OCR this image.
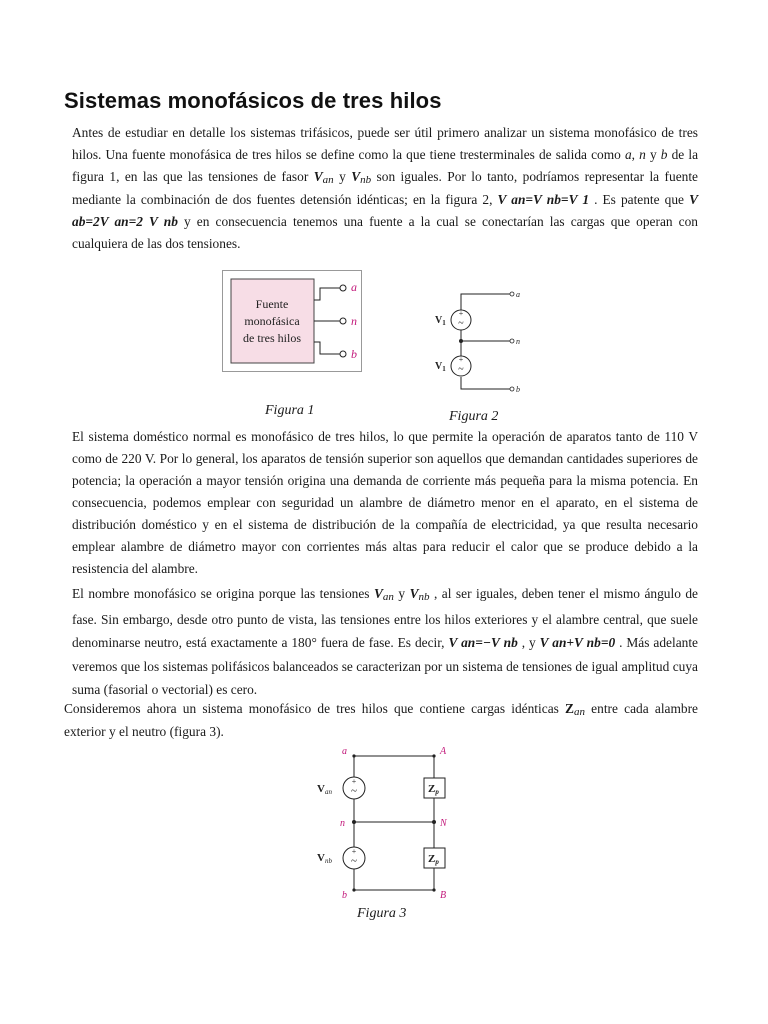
Sistemas monofásicos de tres hilos
Antes de estudiar en detalle los sistemas trifásicos, puede ser útil primero analizar un sistema monofásico de tres hilos. Una fuente monofásica de tres hilos se define como la que tiene tresterminales de salida como a, n y b de la figura 1, en las que las tensiones de fasor $V_{an}$ y $V_{nb}$ son iguales. Por lo tanto, podríamos representar la fuente mediante la combinación de dos fuentes detensión idénticas; en la figura 2, V an=V nb=V 1 . Es patente que V ab=2V an=2 V nb y en consecuencia tenemos una fuente a la cual se conectarían las cargas que operan con cualquiera de las dos tensiones.
Fuente
monofásica
de tres hilos
a
n
b
Figura 1
+
~
+
~
$V_1$
$V_1$
a
n
b
Figura 2
El sistema doméstico normal es monofásico de tres hilos, lo que permite la operación de aparatos tanto de 110 V como de 220 V. Por lo general, los aparatos de tensión superior son aquellos que demandan cantidades superiores de potencia; la operación a mayor tensión origina una demanda de corriente más pequeña para la misma potencia. En consecuencia, podemos emplear con seguridad un alambre de diámetro menor en el aparato, en el sistema de distribución doméstico y en el sistema de distribución de la compañía de electricidad, ya que resulta necesario emplear alambre de diámetro mayor con corrientes más altas para reducir el calor que se produce debido a la resistencia del alambre.
El nombre monofásico se origina porque las tensiones $V_{an}$ y $V_{nb}$ , al ser iguales, deben tener el mismo ángulo de fase. Sin embargo, desde otro punto de vista, las tensiones entre los hilos exteriores y el alambre central, que suele denominarse neutro, está exactamente a 180° fuera de fase. Es decir, V an=−V nb , y V an+V nb=0 . Más adelante veremos que los sistemas polifásicos balanceados se caracterizan por un sistema de tensiones de igual amplitud cuya suma (fasorial o vectorial) es cero.
Consideremos ahora un sistema monofásico de tres hilos que contiene cargas idénticas $Z_{an}$ entre cada alambre exterior y el neutro (figura 3).
+
~
+
~
Zp
Zp
Van
Vnb
a
n
b
A
N
B
Figura 3
